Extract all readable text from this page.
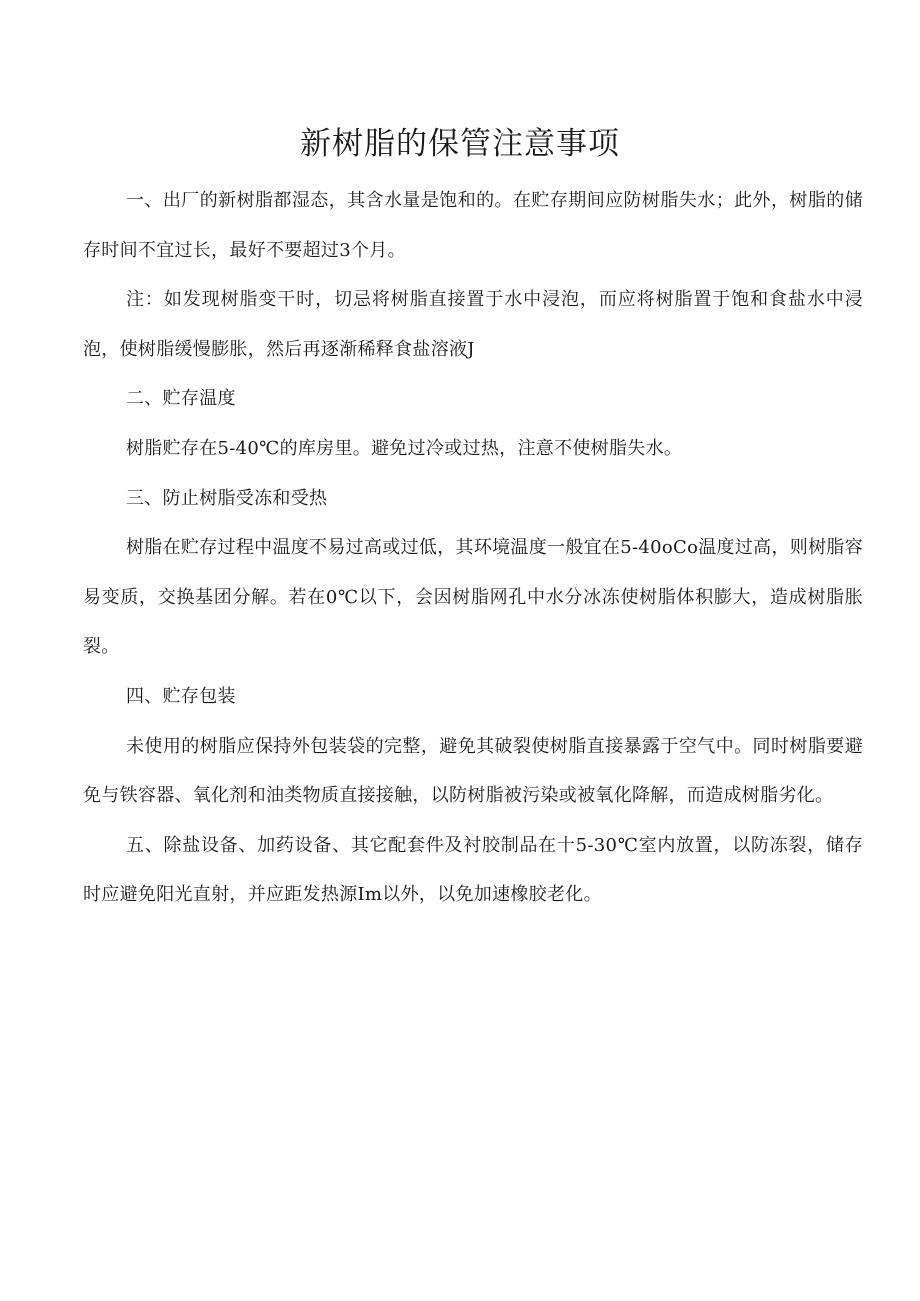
新树脂的保管注意事项

一、出厂的新树脂都湿态，其含水量是饱和的。在贮存期间应防树脂失水；此外，树脂的储存时间不宜过长，最好不要超过3个月。

注：如发现树脂变干时，切忌将树脂直接置于水中浸泡，而应将树脂置于饱和食盐水中浸泡，使树脂缓慢膨胀，然后再逐渐稀释食盐溶液J

二、贮存温度

树脂贮存在5-40℃的库房里。避免过冷或过热，注意不使树脂失水。

三、防止树脂受冻和受热

树脂在贮存过程中温度不易过高或过低，其环境温度一般宜在5-40oCo温度过高，则树脂容易变质，交换基团分解。若在0℃以下，会因树脂网孔中水分冰冻使树脂体积膨大，造成树脂胀裂。

四、贮存包装

未使用的树脂应保持外包装袋的完整，避免其破裂使树脂直接暴露于空气中。同时树脂要避免与铁容器、氧化剂和油类物质直接接触，以防树脂被污染或被氧化降解，而造成树脂劣化。

五、除盐设备、加药设备、其它配套件及衬胶制品在十5-30℃室内放置，以防冻裂，储存时应避免阳光直射，并应距发热源Im以外，以免加速橡胶老化。
